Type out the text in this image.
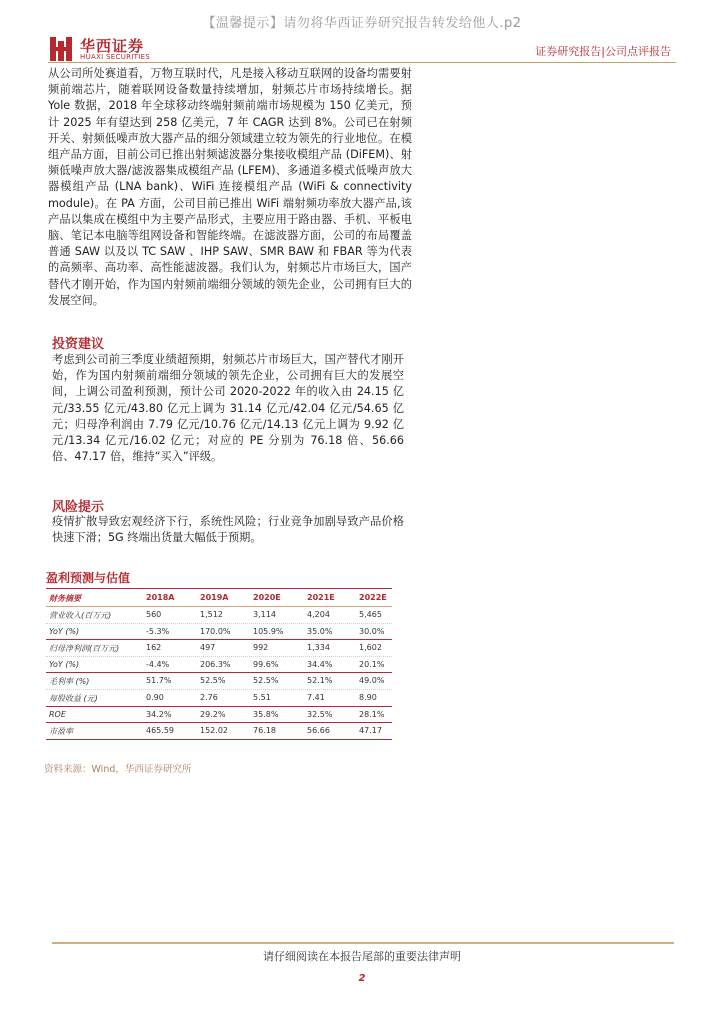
【温馨提示】请勿将华西证券研究报告转发给他人.p2
华西证券
HUAXI SECURITIES	证券研究报告|公司点评报告
从公司所处赛道看，万物互联时代，凡是接入移动互联网的设备均需要射频前端芯片，随着联网设备数量持续增加，射频芯片市场持续增长。据 Yole 数据，2018 年全球移动终端射频前端市场规模为 150 亿美元，预计 2025 年有望达到 258 亿美元，7 年 CAGR 达到 8%。公司已在射频开关、射频低噪声放大器产品的细分领域建立较为领先的行业地位。在模组产品方面，目前公司已推出射频滤波器分集接收模组产品 (DiFEM)、射频低噪声放大器/滤波器集成模组产品 (LFEM)、多通道多模式低噪声放大器模组产品 (LNA bank)、WiFi 连接模组产品 (WiFi & connectivity module)。在 PA 方面，公司目前已推出 WiFi 端射频功率放大器产品,该产品以集成在模组中为主要产品形式，主要应用于路由器、手机、平板电脑、笔记本电脑等组网设备和智能终端。在滤波器方面，公司的布局覆盖普通 SAW 以及以 TC SAW 、IHP SAW、SMR BAW 和 FBAR 等为代表的高频率、高功率、高性能滤波器。我们认为，射频芯片市场巨大，国产替代才刚开始，作为国内射频前端细分领域的领先企业，公司拥有巨大的发展空间。
投资建议
考虑到公司前三季度业绩超预期，射频芯片市场巨大，国产替代才刚开始，作为国内射频前端细分领域的领先企业，公司拥有巨大的发展空间，上调公司盈利预测，预计公司 2020-2022 年的收入由 24.15 亿元/33.55 亿元/43.80 亿元上调为 31.14 亿元/42.04 亿元/54.65 亿元；归母净利润由 7.79 亿元/10.76 亿元/14.13 亿元上调为 9.92 亿元/13.34 亿元/16.02 亿元；对应的 PE 分别为 76.18 倍、56.66 倍、47.17 倍，维持“买入”评级。
风险提示
疫情扩散导致宏观经济下行，系统性风险；行业竞争加剧导致产品价格快速下滑；5G 终端出货量大幅低于预期。
盈利预测与估值
财务摘要	2018A	2019A	2020E	2021E	2022E
营业收入(百万元)	560	1,512	3,114	4,204	5,465
YoY (%)	-5.3%	170.0%	105.9%	35.0%	30.0%
归母净利润(百万元)	162	497	992	1,334	1,602
YoY (%)	-4.4%	206.3%	99.6%	34.4%	20.1%
毛利率 (%)	51.7%	52.5%	52.5%	52.1%	49.0%
每股收益 (元)	0.90	2.76	5.51	7.41	8.90
ROE	34.2%	29.2%	35.8%	32.5%	28.1%
市盈率	465.59	152.02	76.18	56.66	47.17
资料来源：Wind，华西证券研究所
请仔细阅读在本报告尾部的重要法律声明
2
